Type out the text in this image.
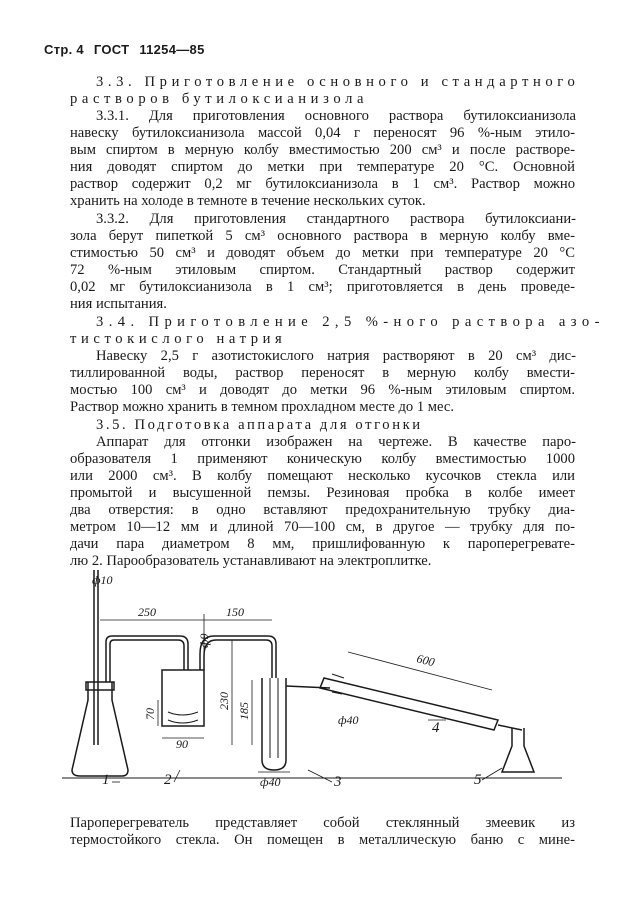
Стр. 4 ГОСТ 11254—85
3.3. Приготовление основного и стандартного
растворов бутилоксианизола
3.3.1. Для приготовления основного раствора бутилоксианизола
навеску бутилоксианизола массой 0,04 г переносят 96 %-ным этило-
вым спиртом в мерную колбу вместимостью 200 см³ и после растворе-
ния доводят спиртом до метки при температуре 20 °С. Основной
раствор содержит 0,2 мг бутилоксианизола в 1 см³. Раствор можно
хранить на холоде в темноте в течение нескольких суток.
3.3.2. Для приготовления стандартного раствора бутилоксиани-
зола берут пипеткой 5 см³ основного раствора в мерную колбу вме-
стимостью 50 см³ и доводят объем до метки при температуре 20 °С
72 %-ным этиловым спиртом. Стандартный раствор содержит
0,02 мг бутилоксианизола в 1 см³; приготовляется в день проведе-
ния испытания.
3.4. Приготовление 2,5 %-ного раствора азо-
тистокислого натрия
Навеску 2,5 г азотистокислого натрия растворяют в 20 см³ дис-
тиллированной воды, раствор переносят в мерную колбу вмести-
мостью 100 см³ и доводят до метки 96 %-ным этиловым спиртом.
Раствор можно хранить в темном прохладном месте до 1 мес.
3.5. Подготовка аппарата для отгонки
Аппарат для отгонки изображен на чертеже. В качестве паро-
образователя 1 применяют коническую колбу вместимостью 1000
или 2000 см³. В колбу помещают несколько кусочков стекла или
промытой и высушенной пемзы. Резиновая пробка в колбе имеет
два отверстия: в одно вставляют предохранительную трубку диа-
метром 10—12 мм и длиной 70—100 см, в другое — трубку для по-
дачи пара диаметром 8 мм, пришлифованную к пароперегревате-
лю 2. Парообразователь устанавливают на электроплитке.
ф10
250	150
ф9
600
70
230
185	ф40
90
ф40
1	2	3
4
5
Пароперегреватель представляет собой стеклянный змеевик из
термостойкого стекла. Он помещен в металлическую баню с мине-
